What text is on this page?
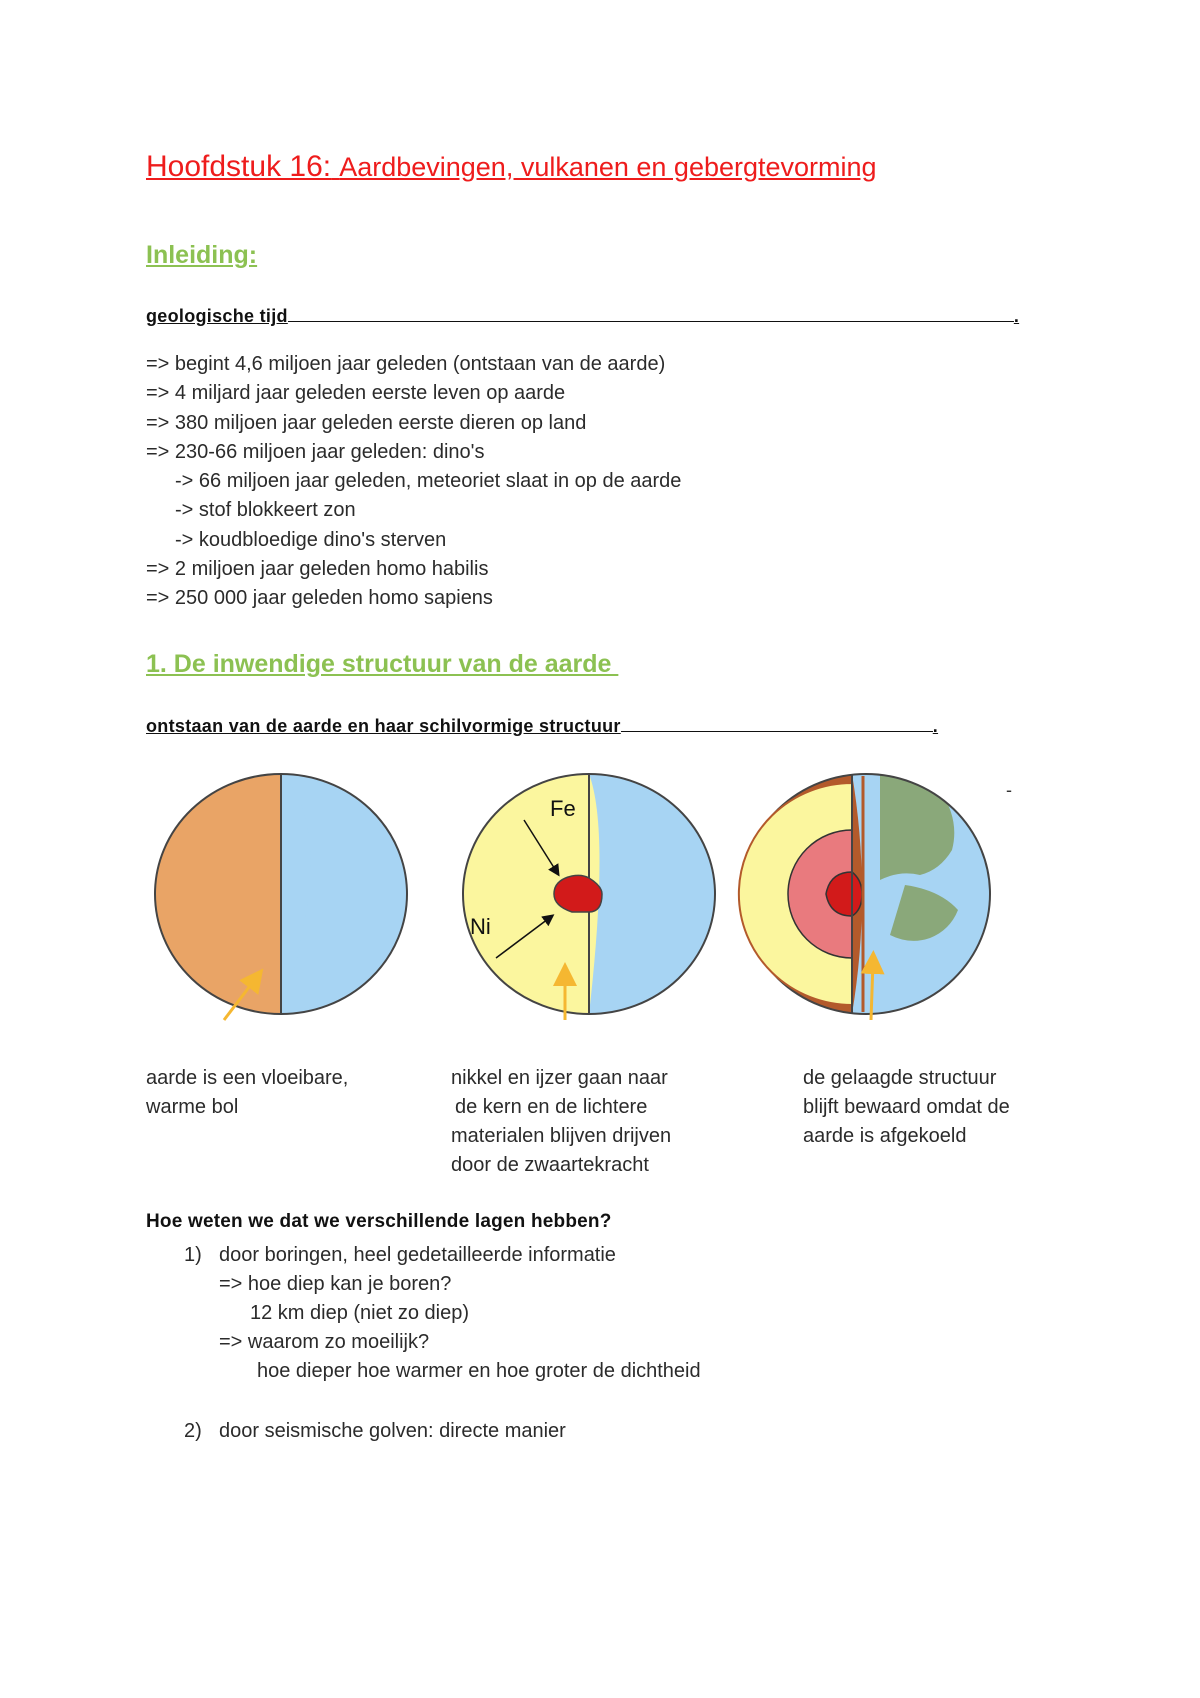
Hoofdstuk 16: Aardbevingen, vulkanen en gebergtevorming
Inleiding:
geologische tijd	.
=> begint 4,6 miljoen jaar geleden (ontstaan van de aarde)
=> 4 miljard jaar geleden eerste leven op aarde
=> 380 miljoen jaar geleden eerste dieren op land
=> 230-66 miljoen jaar geleden: dino's
-> 66 miljoen jaar geleden, meteoriet slaat in op de aarde
-> stof blokkeert zon
-> koudbloedige dino's sterven
=> 2 miljoen jaar geleden homo habilis
=> 250 000 jaar geleden homo sapiens
1. De inwendige structuur van de aarde
ontstaan van de aarde en haar schilvormige structuur	.
-
Fe
Ni
aarde is een vloeibare,
warme bol
nikkel en ijzer gaan naar
de kern en de lichtere
materialen blijven drijven
door de zwaartekracht
de gelaagde structuur
blijft bewaard omdat de
aarde is afgekoeld
Hoe weten we dat we verschillende lagen hebben?
1) door boringen, heel gedetailleerde informatie
=> hoe diep kan je boren?
12 km diep (niet zo diep)
=> waarom zo moeilijk?
hoe dieper hoe warmer en hoe groter de dichtheid
2) door seismische golven: directe manier
